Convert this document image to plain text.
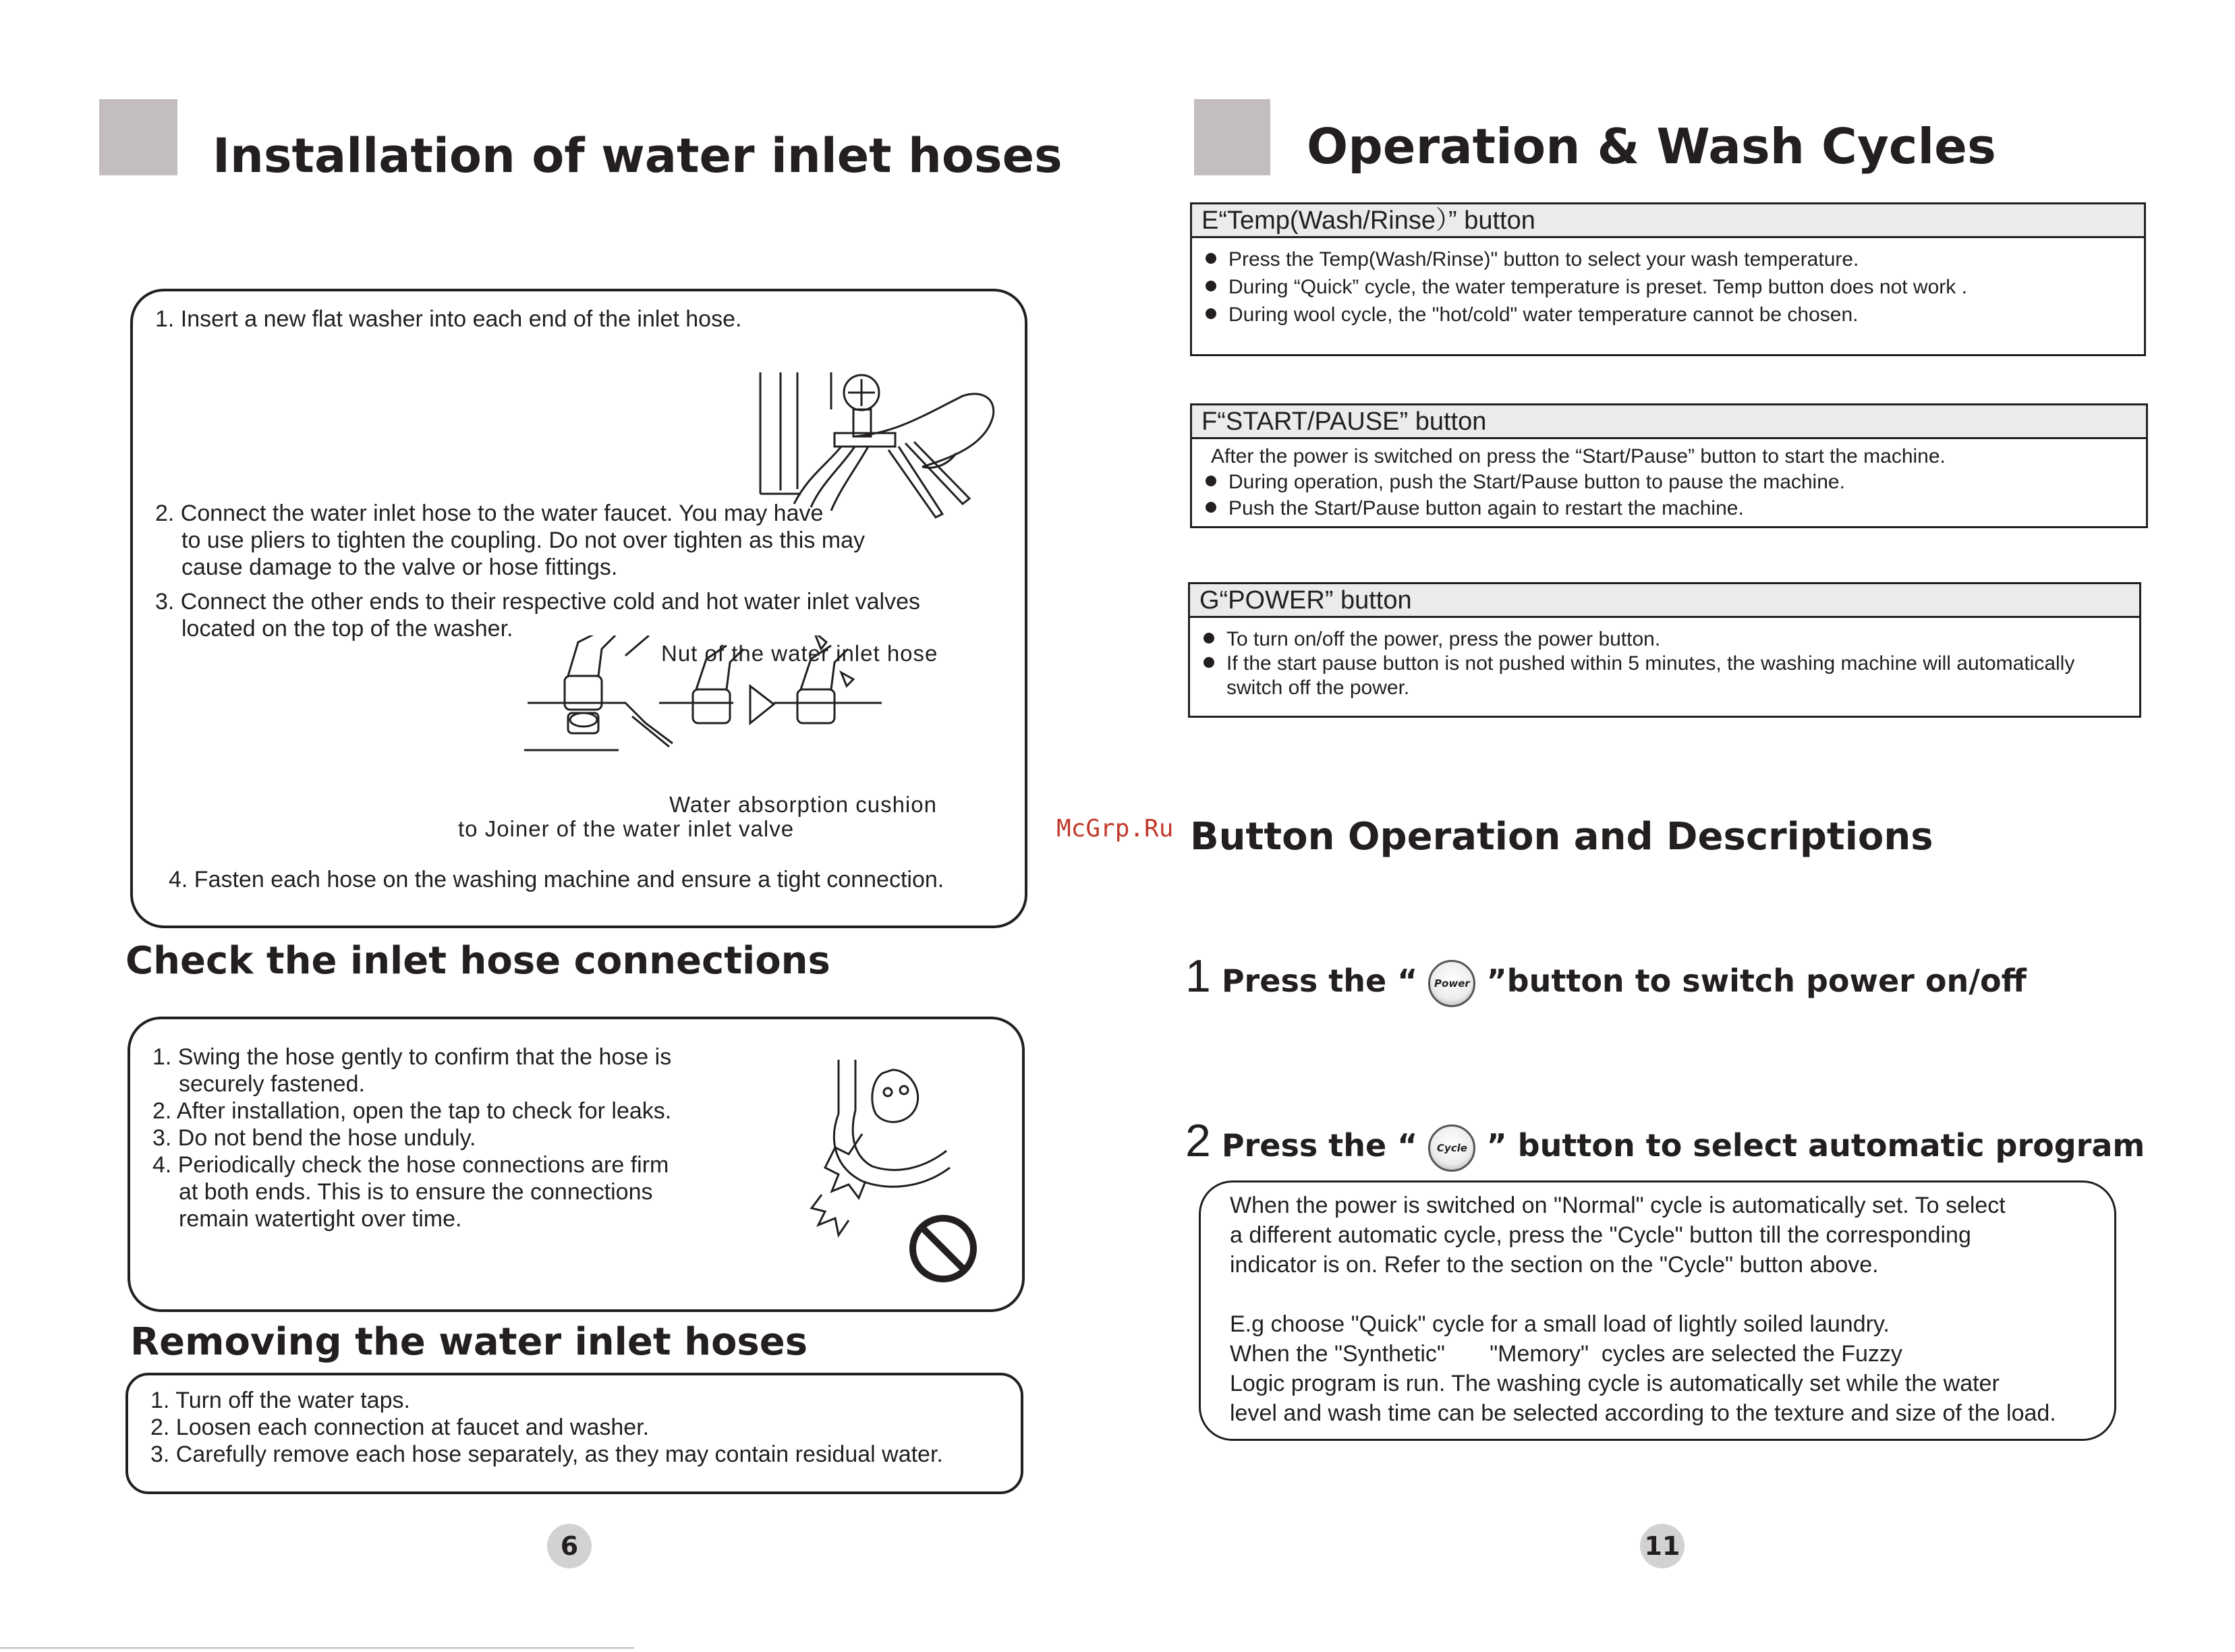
Installation of water inlet hoses
1. Insert a new flat washer into each end of the inlet hose.
2. Connect the water inlet hose to the water faucet. You may have
to use pliers to tighten the coupling. Do not over tighten as this may
cause damage to the valve or hose fittings.
3. Connect the other ends to their respective cold and hot water inlet valves
located on the top of the washer.
Nut of the water inlet hose
Water absorption cushion
to Joiner of the water inlet valve
4. Fasten each hose on the washing machine and ensure a tight connection.
Check the inlet hose connections
1. Swing the hose gently to confirm that the hose is
securely fastened.
2. After installation, open the tap to check for leaks.
3. Do not bend the hose unduly.
4. Periodically check the hose connections are firm
at both ends. This is to ensure the connections
remain watertight over time.
Removing the water inlet hoses
1. Turn off the water taps.
2. Loosen each connection at faucet and washer.
3. Carefully remove each hose separately, as they may contain residual water.
6
McGrp.Ru
Operation & Wash Cycles
E“Temp(Wash/Rinse）” button
Press the Temp(Wash/Rinse)" button to select your wash temperature.
During “Quick” cycle, the water temperature is preset. Temp button does not work .
During wool cycle, the "hot/cold" water temperature cannot be chosen.
F“START/PAUSE” button
After the power is switched on press the “Start/Pause” button to start the machine.
During operation, push the Start/Pause button to pause the machine.
Push the Start/Pause button again to restart the machine.
G“POWER” button
To turn on/off the power, press the power button.
If the start pause button is not pushed within 5 minutes, the washing machine will automatically
switch off the power.
Button Operation and Descriptions
1 Press the “ Power ”button to switch power on/off
2 Press the “ Cycle ” button to select automatic program
When the power is switched on "Normal" cycle is automatically set. To select
a different automatic cycle, press the "Cycle" button till the corresponding
indicator is on. Refer to the section on the "Cycle" button above.
E.g choose "Quick" cycle for a small load of lightly soiled laundry.
When the "Synthetic"       "Memory"  cycles are selected the Fuzzy
Logic program is run. The washing cycle is automatically set while the water
level and wash time can be selected according to the texture and size of the load.
11
